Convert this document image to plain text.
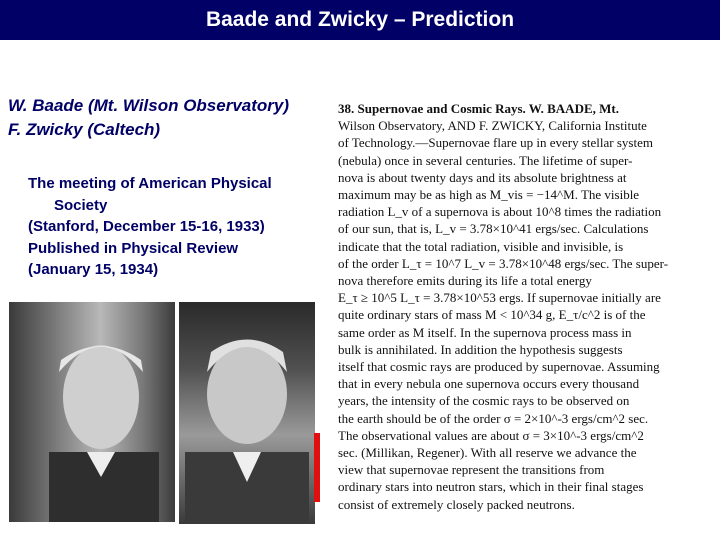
Baade and Zwicky – Prediction
W. Baade (Mt. Wilson Observatory)
F. Zwicky (Caltech)
The meeting of American Physical
Society
(Stanford, December 15-16, 1933)
Published in Physical Review
(January 15, 1934)
38. Supernovae and Cosmic Rays. W. BAADE, Mt.
Wilson Observatory, AND F. ZWICKY, California Institute
of Technology.—Supernovae flare up in every stellar system
(nebula) once in several centuries. The lifetime of super-
nova is about twenty days and its absolute brightness at
maximum may be as high as M_vis = −14^M. The visible
radiation L_v of a supernova is about 10^8 times the radiation
of our sun, that is, L_v = 3.78×10^41 ergs/sec. Calculations
indicate that the total radiation, visible and invisible, is
of the order L_τ = 10^7 L_v = 3.78×10^48 ergs/sec. The super-
nova therefore emits during its life a total energy
E_τ ≥ 10^5 L_τ = 3.78×10^53 ergs. If supernovae initially are
quite ordinary stars of mass M < 10^34 g, E_τ/c^2 is of the
same order as M itself. In the supernova process mass in
bulk is annihilated. In addition the hypothesis suggests
itself that cosmic rays are produced by supernovae. Assuming
that in every nebula one supernova occurs every thousand
years, the intensity of the cosmic rays to be observed on
the earth should be of the order σ = 2×10^-3 ergs/cm^2 sec.
The observational values are about σ = 3×10^-3 ergs/cm^2
sec. (Millikan, Regener). With all reserve we advance the
view that supernovae represent the transitions from
ordinary stars into neutron stars, which in their final stages
consist of extremely closely packed neutrons.
